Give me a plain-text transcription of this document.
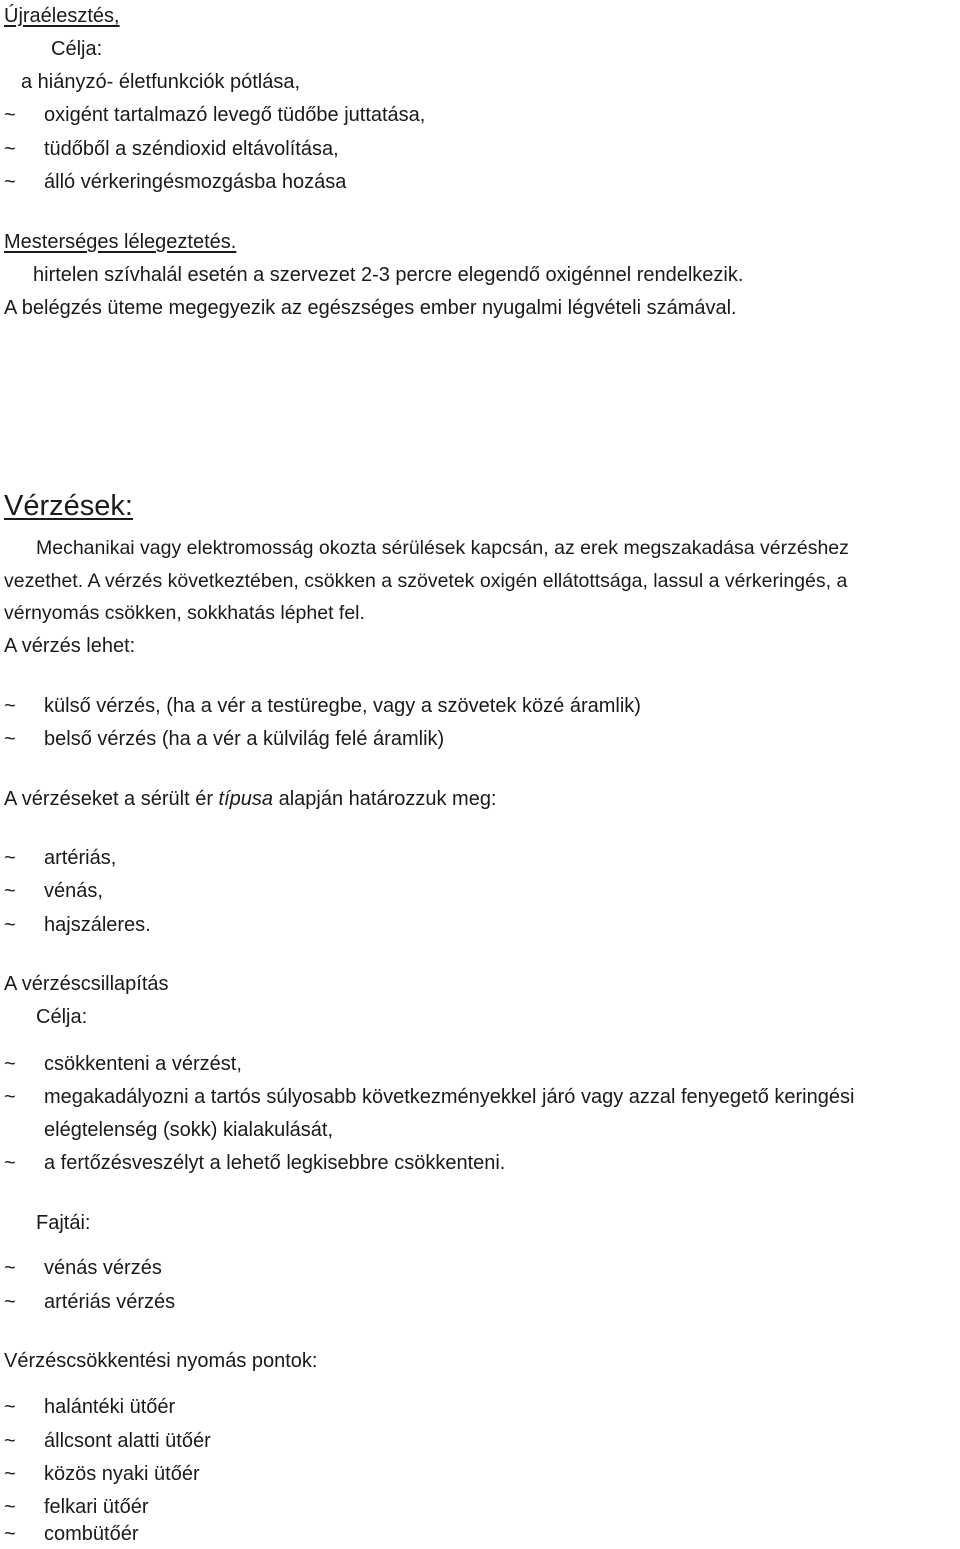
Újraélesztés,

Célja:

a hiányzó- életfunkciók pótlása,

~ oxigént tartalmazó levegő tüdőbe juttatása,

~ tüdőből a széndioxid eltávolítása,

~ álló vérkeringésmozgásba hozása

Mesterséges lélegeztetés.

hirtelen szívhalál esetén a szervezet 2-3 percre elegendő oxigénnel rendelkezik.

A belégzés üteme megegyezik az egészséges ember nyugalmi légvételi számával.

Vérzések:

Mechanikai vagy elektromosság okozta sérülések kapcsán, az erek megszakadása vérzéshez

vezethet. A vérzés következtében, csökken a szövetek oxigén ellátottsága, lassul a vérkeringés, a

vérnyomás csökken, sokkhatás léphet fel.

A vérzés lehet:

~ külső vérzés, (ha a vér a testüregbe, vagy a szövetek közé áramlik)

~ belső vérzés (ha a vér a külvilág felé áramlik)

A vérzéseket a sérült ér típusa alapján határozzuk meg:

~ artériás,

~ vénás,

~ hajszáleres.

A vérzéscsillapítás

Célja:

~ csökkenteni a vérzést,

~ megakadályozni a tartós súlyosabb következményekkel járó vagy azzal fenyegető keringési

elégtelenség (sokk) kialakulását,

~ a fertőzésveszélyt a lehető legkisebbre csökkenteni.

Fajtái:

~ vénás vérzés

~ artériás vérzés

Vérzéscsökkentési nyomás pontok:

~ halántéki ütőér

~ állcsont alatti ütőér

~ közös nyaki ütőér

~ felkari ütőér

~ combütőér
